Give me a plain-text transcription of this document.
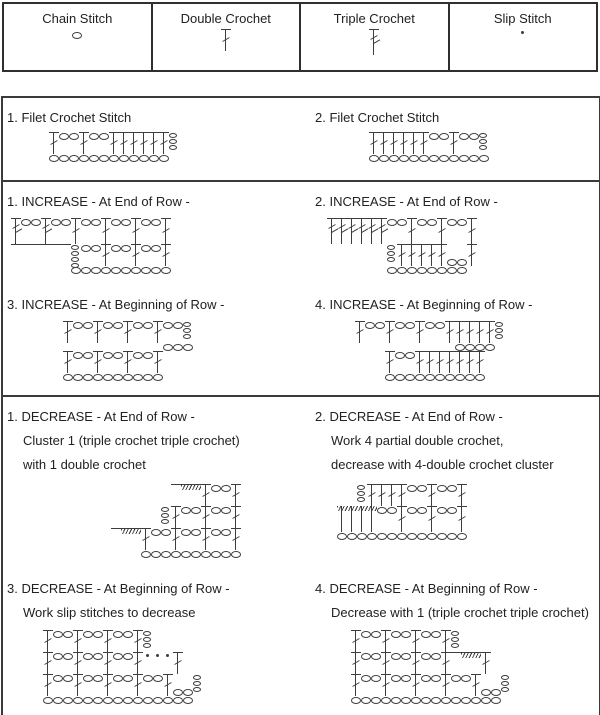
Chain Stitch	Double Crochet	Triple Crochet	Slip Stitch
1. Filet Crochet Stitch	2. Filet Crochet Stitch
1. INCREASE - At End of Row -	2. INCREASE - At End of Row -
3. INCREASE - At Beginning of Row -	4. INCREASE - At Beginning of Row -
1. DECREASE - At End of Row -

Cluster 1 (triple crochet triple crochet)

with 1 double crochet

2. DECREASE - At End of Row -

Work 4 partial double crochet,

decrease with 4-double crochet cluster

3. DECREASE - At Beginning of Row -

Work slip stitches to decrease

4. DECREASE - At Beginning of Row -

Decrease with 1 (triple crochet triple crochet)
